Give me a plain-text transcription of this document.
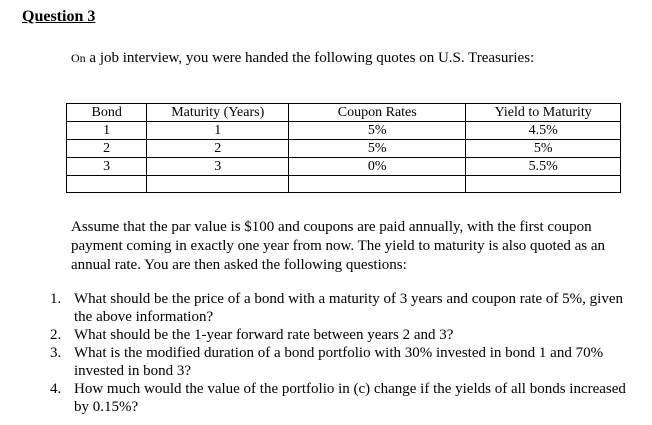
Question 3
On a job interview, you were handed the following quotes on U.S. Treasuries:
Bond	Maturity (Years)	Coupon Rates	Yield to Maturity
1	1	5%	4.5%
2	2	5%	5%
3	3	0%	5.5%

Assume that the par value is $100 and coupons are paid annually, with the first coupon payment coming in exactly one year from now. The yield to maturity is also quoted as an annual rate. You are then asked the following questions:
1. What should be the price of a bond with a maturity of 3 years and coupon rate of 5%, given the above information?
2. What should be the 1-year forward rate between years 2 and 3?
3. What is the modified duration of a bond portfolio with 30% invested in bond 1 and 70% invested in bond 3?
4. How much would the value of the portfolio in (c) change if the yields of all bonds increased by 0.15%?
